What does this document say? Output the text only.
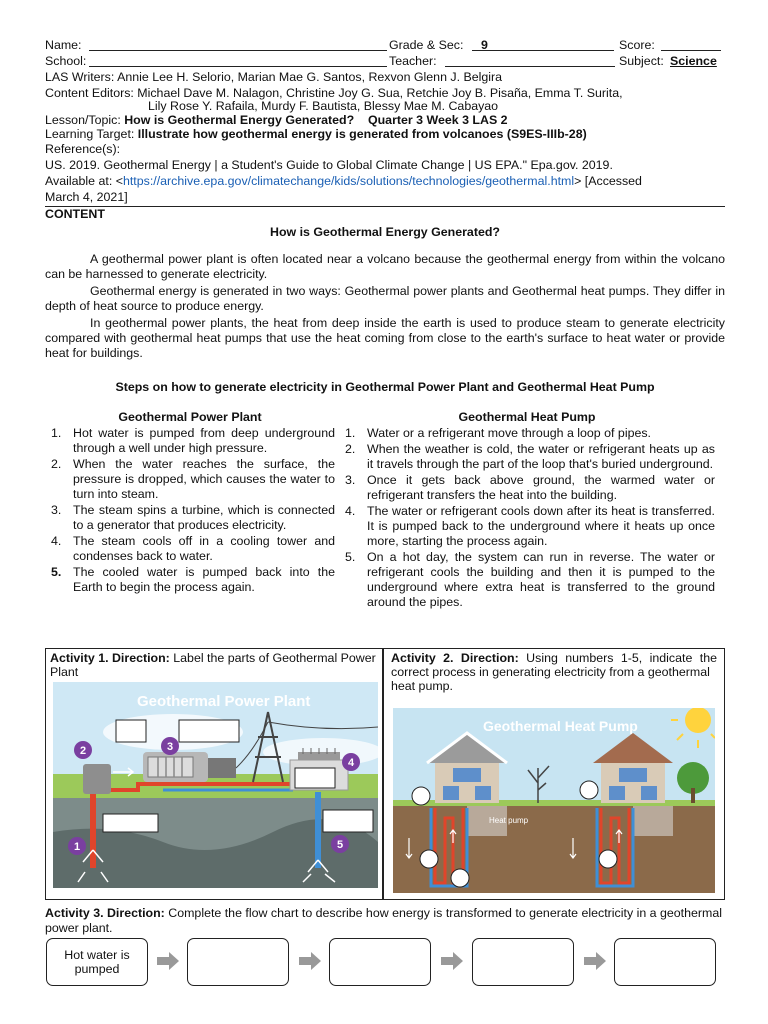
Name:	Grade & Sec: 9	Score:
School:	Teacher:	Subject: Science
LAS Writers: Annie Lee H. Selorio, Marian Mae G. Santos, Rexvon Glenn J. Belgira
Content Editors: Michael Dave M. Nalagon, Christine Joy G. Sua, Retchie Joy B. Pisaña, Emma T. Surita,
Lily Rose Y. Rafaila, Murdy F. Bautista, Blessy Mae M. Cabayao
Lesson/Topic: How is Geothermal Energy Generated?    Quarter 3 Week 3 LAS 2
Learning Target: Illustrate how geothermal energy is generated from volcanoes (S9ES-IIIb-28)
Reference(s):
US. 2019. Geothermal Energy | a Student's Guide to Global Climate Change | US EPA." Epa.gov. 2019.
Available at: <https://archive.epa.gov/climatechange/kids/solutions/technologies/geothermal.html> [Accessed
March 4, 2021]
CONTENT
How is Geothermal Energy Generated?
A geothermal power plant is often located near a volcano because the geothermal energy from within the volcano can be harnessed to generate electricity.
Geothermal energy is generated in two ways: Geothermal power plants and Geothermal heat pumps. They differ in depth of heat source to produce energy.
In geothermal power plants, the heat from deep inside the earth is used to produce steam to generate electricity compared with geothermal heat pumps that use the heat coming from close to the earth's surface to heat water or provide heat for buildings.
Steps on how to generate electricity in Geothermal Power Plant and Geothermal Heat Pump
Geothermal Power Plant
1. Hot water is pumped from deep underground through a well under high pressure.
2. When the water reaches the surface, the pressure is dropped, which causes the water to turn into steam.
3. The steam spins a turbine, which is connected to a generator that produces electricity.
4. The steam cools off in a cooling tower and condenses back to water.
5. The cooled water is pumped back into the Earth to begin the process again.
Geothermal Heat Pump
1. Water or a refrigerant move through a loop of pipes.
2. When the weather is cold, the water or refrigerant heats up as it travels through the part of the loop that's buried underground.
3. Once it gets back above ground, the warmed water or refrigerant transfers the heat into the building.
4. The water or refrigerant cools down after its heat is transferred. It is pumped back to the underground where it heats up once more, starting the process again.
5. On a hot day, the system can run in reverse. The water or refrigerant cools the building and then it is pumped to the underground where extra heat is transferred to the ground around the pipes.
Activity 1. Direction: Label the parts of Geothermal Power Plant
Activity 2. Direction: Using numbers 1-5, indicate the correct process in generating electricity from a geothermal
heat pump.
Geothermal Power Plant
1
2	3
4
5
Geothermal Heat Pump
Heat pump
Activity 3. Direction: Complete the flow chart to describe how energy is transformed to generate electricity in a geothermal power plant.
Hot water is pumped
